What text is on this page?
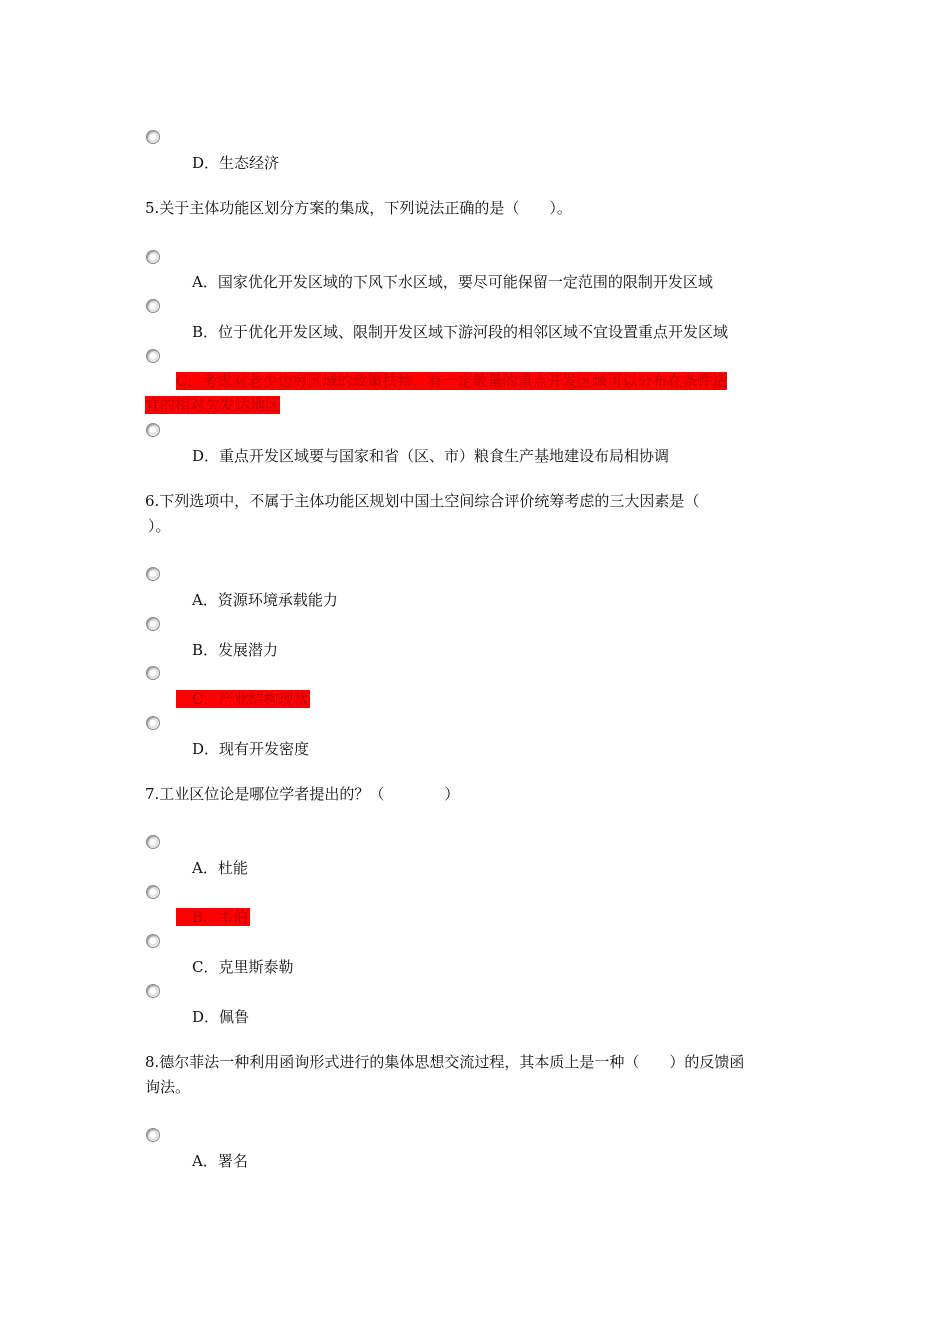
D．生态经济
5.关于主体功能区划分方案的集成，下列说法正确的是（　　）。
A．国家优化开发区域的下风下水区域，要尽可能保留一定范围的限制开发区域
B．位于优化开发区域、限制开发区域下游河段的相邻区域不宜设置重点开发区域
C．考虑对老少边穷区域的政策扶持，有一定数量的重点开发区域可以分布在条件适
宜的相对欠发达地区
D．重点开发区域要与国家和省（区、市）粮食生产基地建设布局相协调
6.下列选项中，不属于主体功能区规划中国土空间综合评价统筹考虑的三大因素是（
）。
A．资源环境承载能力
B．发展潜力
C．产业结构现状
D．现有开发密度
7.工业区位论是哪位学者提出的？（　　　　）
A．杜能
B．韦伯
C．克里斯泰勒
D．佩鲁
8.德尔菲法一种利用函询形式进行的集体思想交流过程，其本质上是一种（　　）的反馈函
询法。
A．署名
